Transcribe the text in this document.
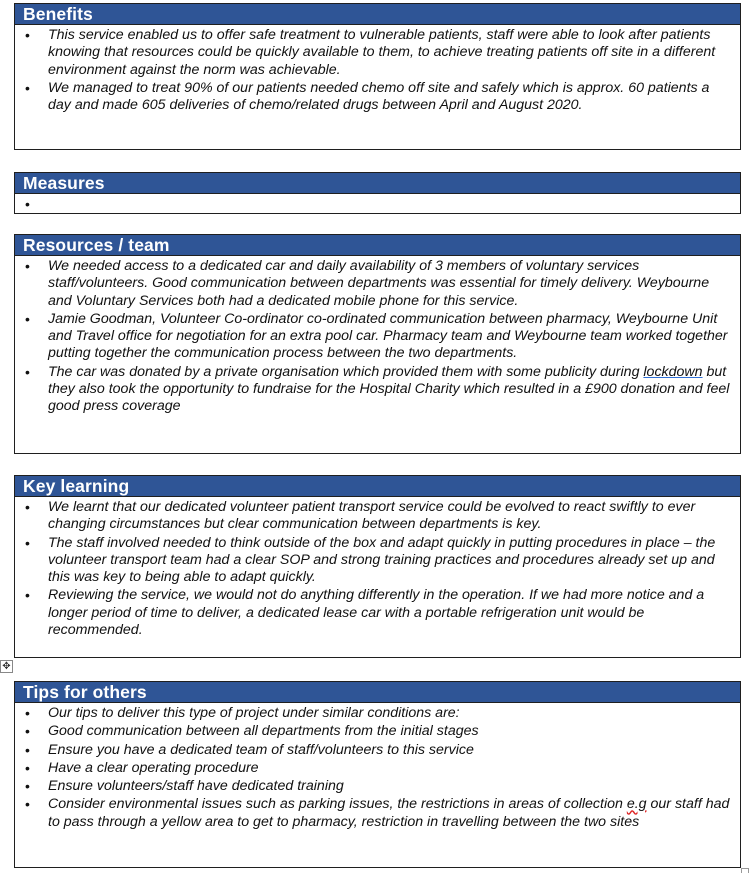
Benefits
• This service enabled us to offer safe treatment to vulnerable patients, staff were able to look after patients knowing that resources could be quickly available to them, to achieve treating patients off site in a different environment against the norm was achievable.
• We managed to treat 90% of our patients needed chemo off site and safely which is approx. 60 patients a day and made 605 deliveries of chemo/related drugs between April and August 2020.
Measures
Resources / team
• We needed access to a dedicated car and daily availability of 3 members of voluntary services staff/volunteers. Good communication between departments was essential for timely delivery. Weybourne and Voluntary Services both had a dedicated mobile phone for this service.
• Jamie Goodman, Volunteer Co-ordinator co-ordinated communication between pharmacy, Weybourne Unit and Travel office for negotiation for an extra pool car. Pharmacy team and Weybourne team worked together putting together the communication process between the two departments.
• The car was donated by a private organisation which provided them with some publicity during lockdown but they also took the opportunity to fundraise for the Hospital Charity which resulted in a £900 donation and feel good press coverage
Key learning
• We learnt that our dedicated volunteer patient transport service could be evolved to react swiftly to ever changing circumstances but clear communication between departments is key.
• The staff involved needed to think outside of the box and adapt quickly in putting procedures in place – the volunteer transport team had a clear SOP and strong training practices and procedures already set up and this was key to being able to adapt quickly.
• Reviewing the service, we would not do anything differently in the operation. If we had more notice and a longer period of time to deliver, a dedicated lease car with a portable refrigeration unit would be recommended.
✥
Tips for others
• Our tips to deliver this type of project under similar conditions are:
• Good communication between all departments from the initial stages
• Ensure you have a dedicated team of staff/volunteers to this service
• Have a clear operating procedure
• Ensure volunteers/staff have dedicated training
• Consider environmental issues such as parking issues, the restrictions in areas of collection e.g our staff had to pass through a yellow area to get to pharmacy, restriction in travelling between the two sites
